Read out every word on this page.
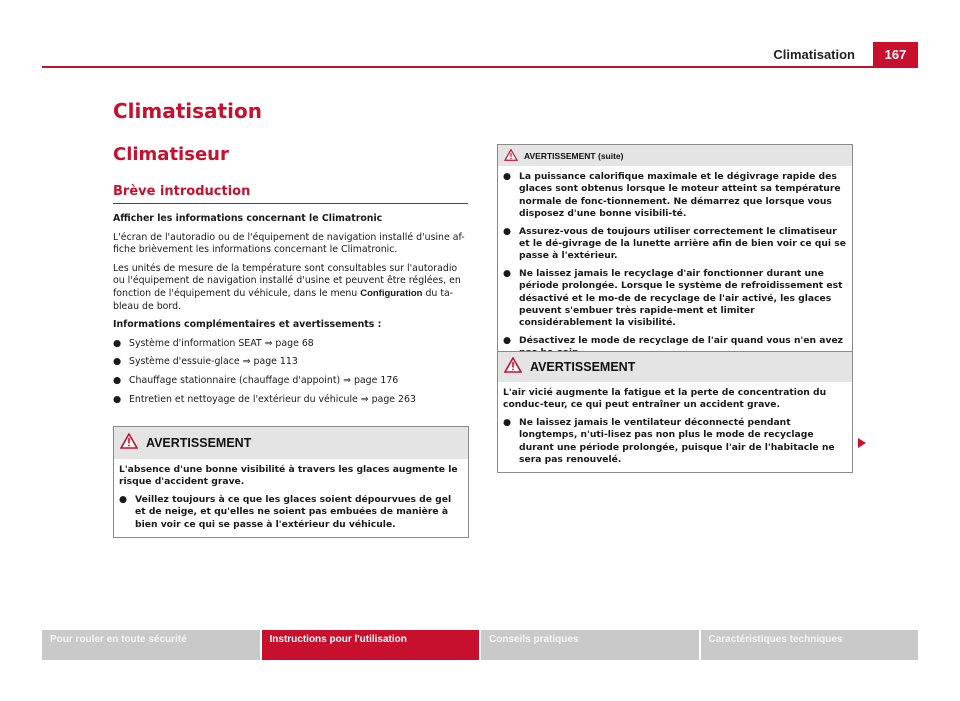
Climatisation	167
Climatisation
Climatiseur
Brève introduction

Afficher les informations concernant le Climatronic

L'écran de l'autoradio ou de l'équipement de navigation installé d'usine af-fiche brièvement les informations concernant le Climatronic.

Les unités de mesure de la température sont consultables sur l'autoradio ou l'équipement de navigation installé d'usine et peuvent être réglées, en fonction de l'équipement du véhicule, dans le menu Configuration du ta-bleau de bord.

Informations complémentaires et avertissements :

● Système d'information SEAT ⇒ page 68
● Système d'essuie-glace ⇒ page 113
● Chauffage stationnaire (chauffage d'appoint) ⇒ page 176
● Entretien et nettoyage de l'extérieur du véhicule ⇒ page 263
AVERTISSEMENT

L'absence d'une bonne visibilité à travers les glaces augmente le risque d'accident grave.

● Veillez toujours à ce que les glaces soient dépourvues de gel et de neige, et qu'elles ne soient pas embuées de manière à bien voir ce qui se passe à l'extérieur du véhicule.
AVERTISSEMENT (suite)
● La puissance calorifique maximale et le dégivrage rapide des glaces sont obtenus lorsque le moteur atteint sa température normale de fonc-tionnement. Ne démarrez que lorsque vous disposez d'une bonne visibili-té.
● Assurez-vous de toujours utiliser correctement le climatiseur et le dé-givrage de la lunette arrière afin de bien voir ce qui se passe à l'extérieur.
● Ne laissez jamais le recyclage d'air fonctionner durant une période prolongée. Lorsque le système de refroidissement est désactivé et le mo-de de recyclage de l'air activé, les glaces peuvent s'embuer très rapide-ment et limiter considérablement la visibilité.
● Désactivez le mode de recyclage de l'air quand vous n'en avez
AVERTISSEMENT

L'air vicié augmente la fatigue et la perte de concentration du conduc-teur, ce qui peut entraîner un accident grave.

● Ne laissez jamais le ventilateur déconnecté pendant longtemps, n'uti-lisez pas non plus le mode de recyclage durant une période prolongée, puisque l'air de l'habitacle ne sera pas renouvelé.
Pour rouler en toute sécurité	Instructions pour l'utilisation	Conseils pratiques	Caractéristiques techniques
